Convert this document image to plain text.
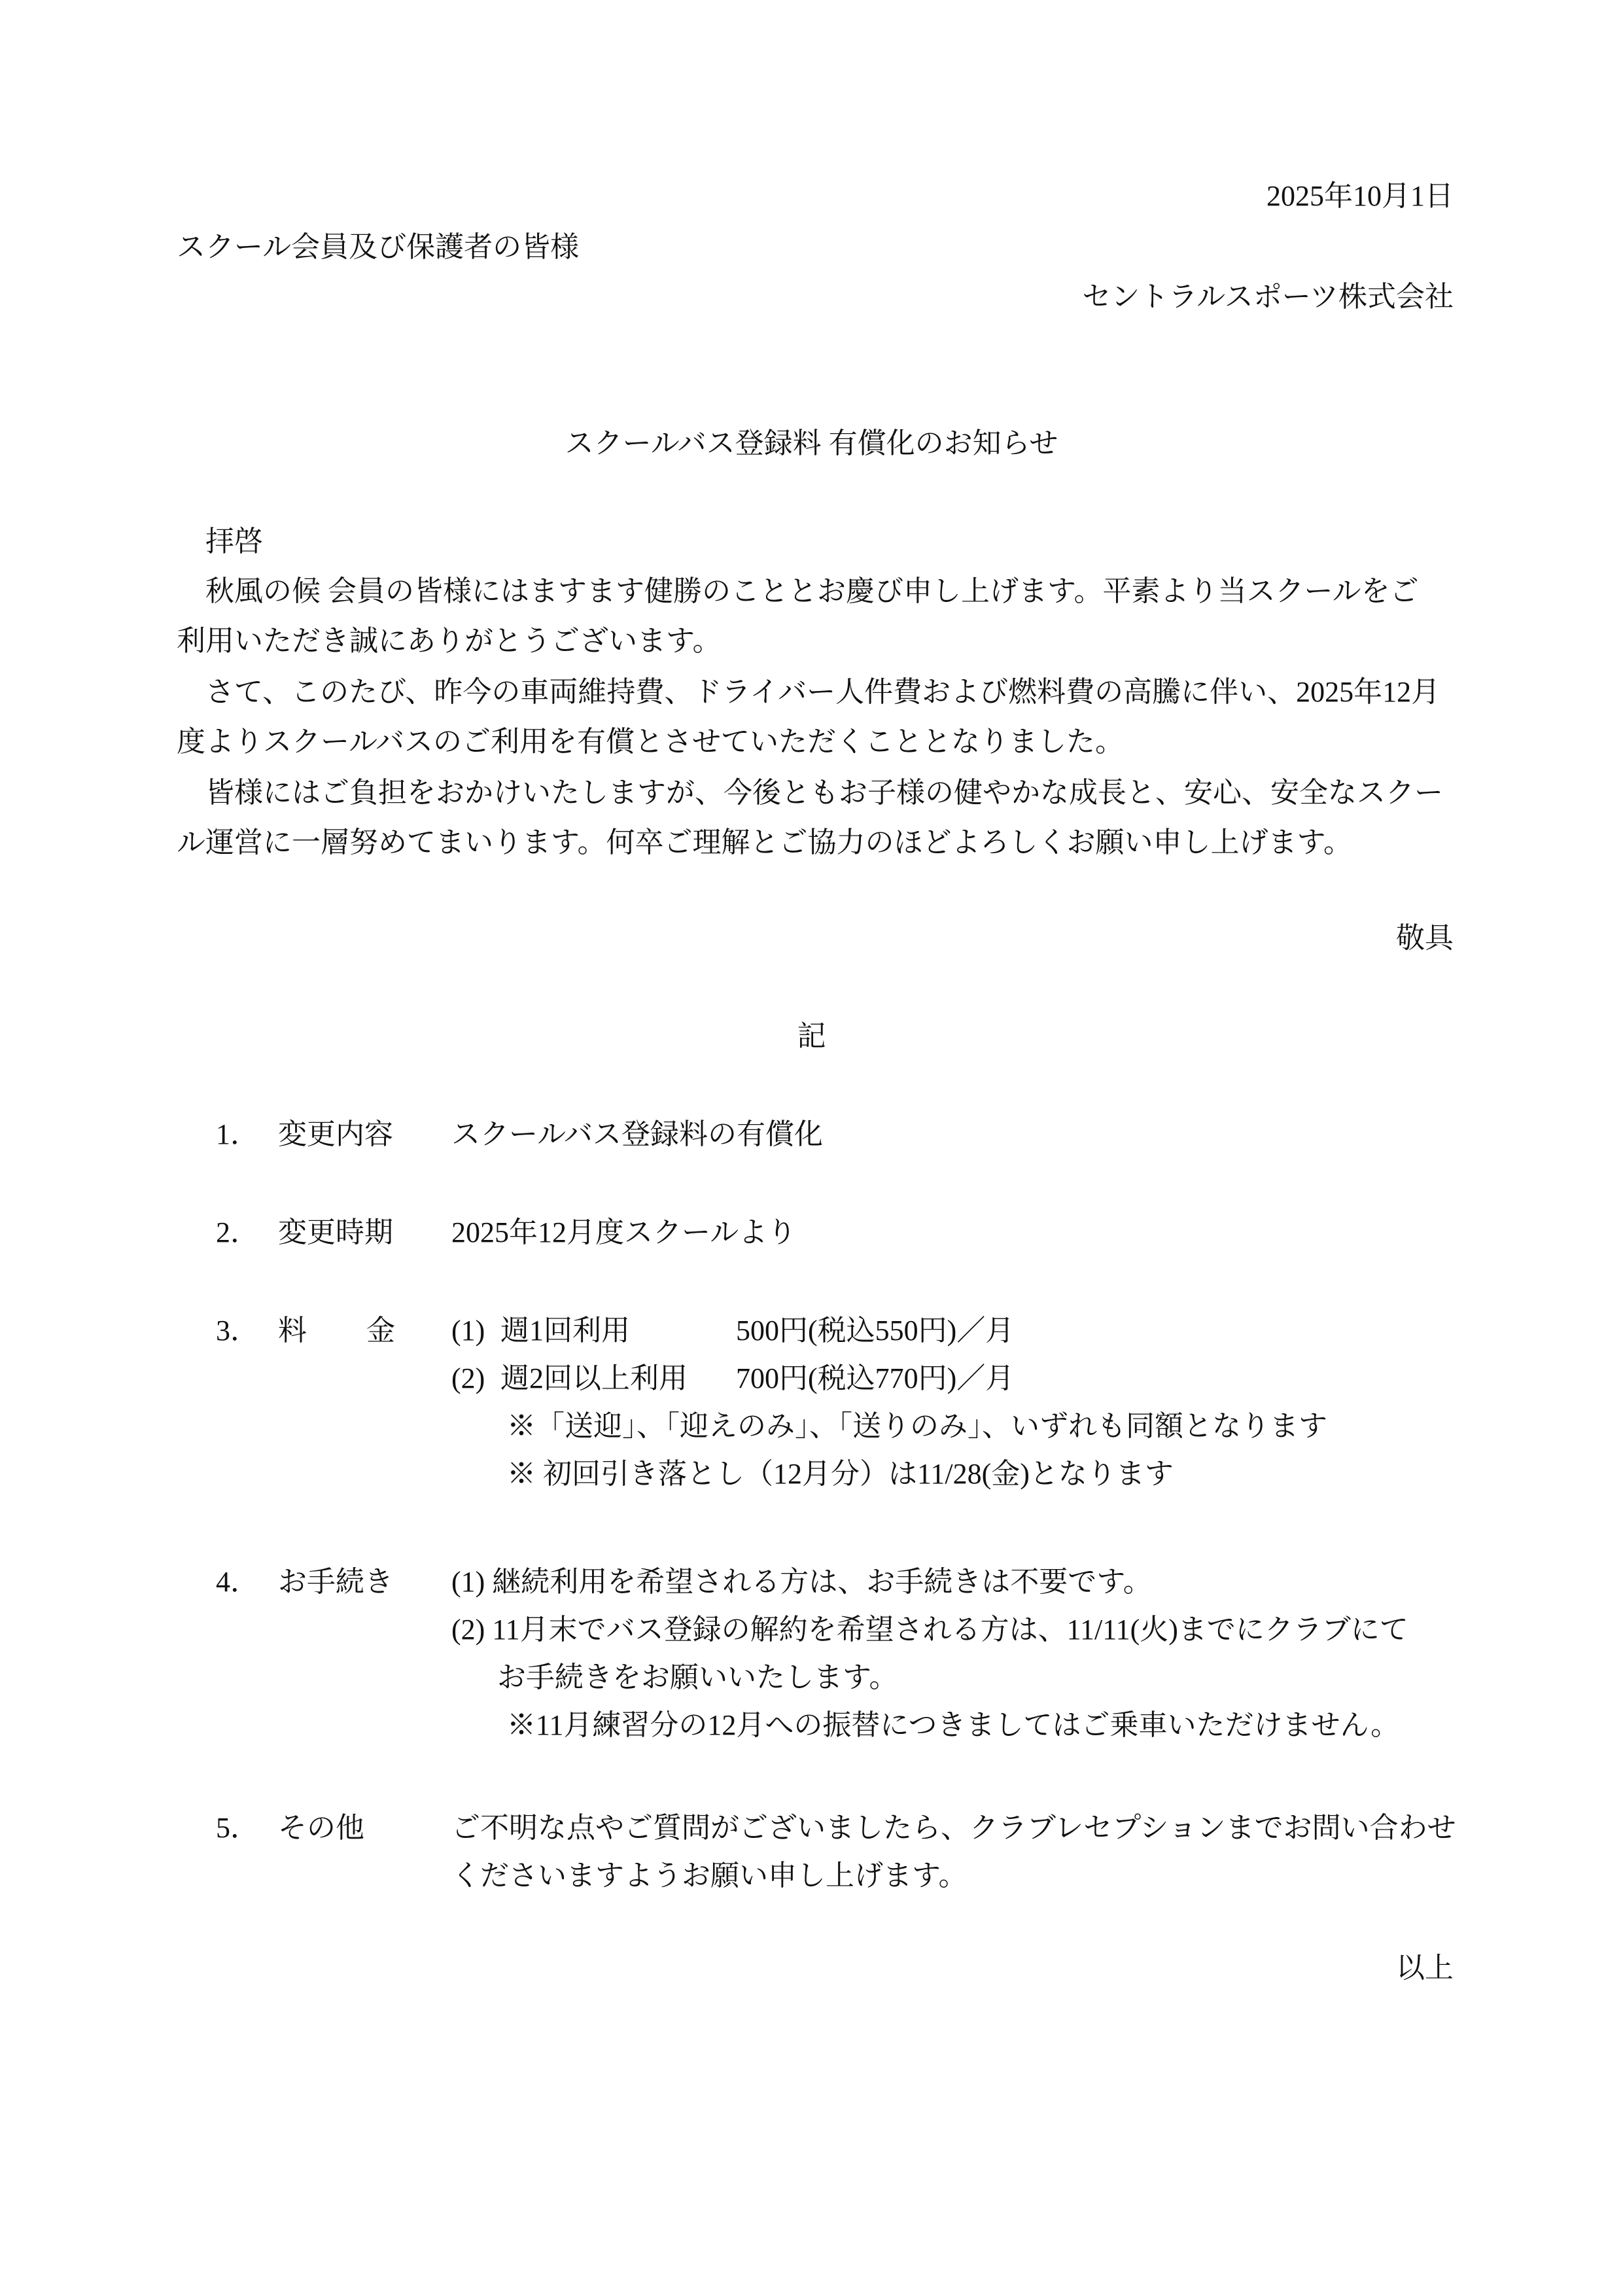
2025年10月1日
スクール会員及び保護者の皆様
セントラルスポーツ株式会社
スクールバス登録料 有償化のお知らせ
拝啓
秋風の候 会員の皆様にはますます健勝のこととお慶び申し上げます。平素より当スクールをご
利用いただき誠にありがとうございます。
さて、このたび、昨今の車両維持費、ドライバー人件費および燃料費の高騰に伴い、2025年12月
度よりスクールバスのご利用を有償とさせていただくこととなりました。
皆様にはご負担をおかけいたしますが、今後ともお子様の健やかな成長と、安心、安全なスクー
ル運営に一層努めてまいります。何卒ご理解とご協力のほどよろしくお願い申し上げます。
敬具
記
1． 変更内容 スクールバス登録料の有償化
2． 変更時期 2025年12月度スクールより
3． 料 金 (1) 週1回利用	500円(税込550円)／月
(2) 週2回以上利用 700円(税込770円)／月
※「送迎」、「迎えのみ」、「送りのみ」、いずれも同額となります
※ 初回引き落とし（12月分）は11/28(金)となります
4． お手続き (1) 継続利用を希望される方は、お手続きは不要です。
(2) 11月末でバス登録の解約を希望される方は、11/11(火)までにクラブにて
お手続きをお願いいたします。
※11月練習分の12月への振替につきましてはご乗車いただけません。
5． その他	ご不明な点やご質問がございましたら、クラブレセプションまでお問い合わせ
くださいますようお願い申し上げます。
以上
